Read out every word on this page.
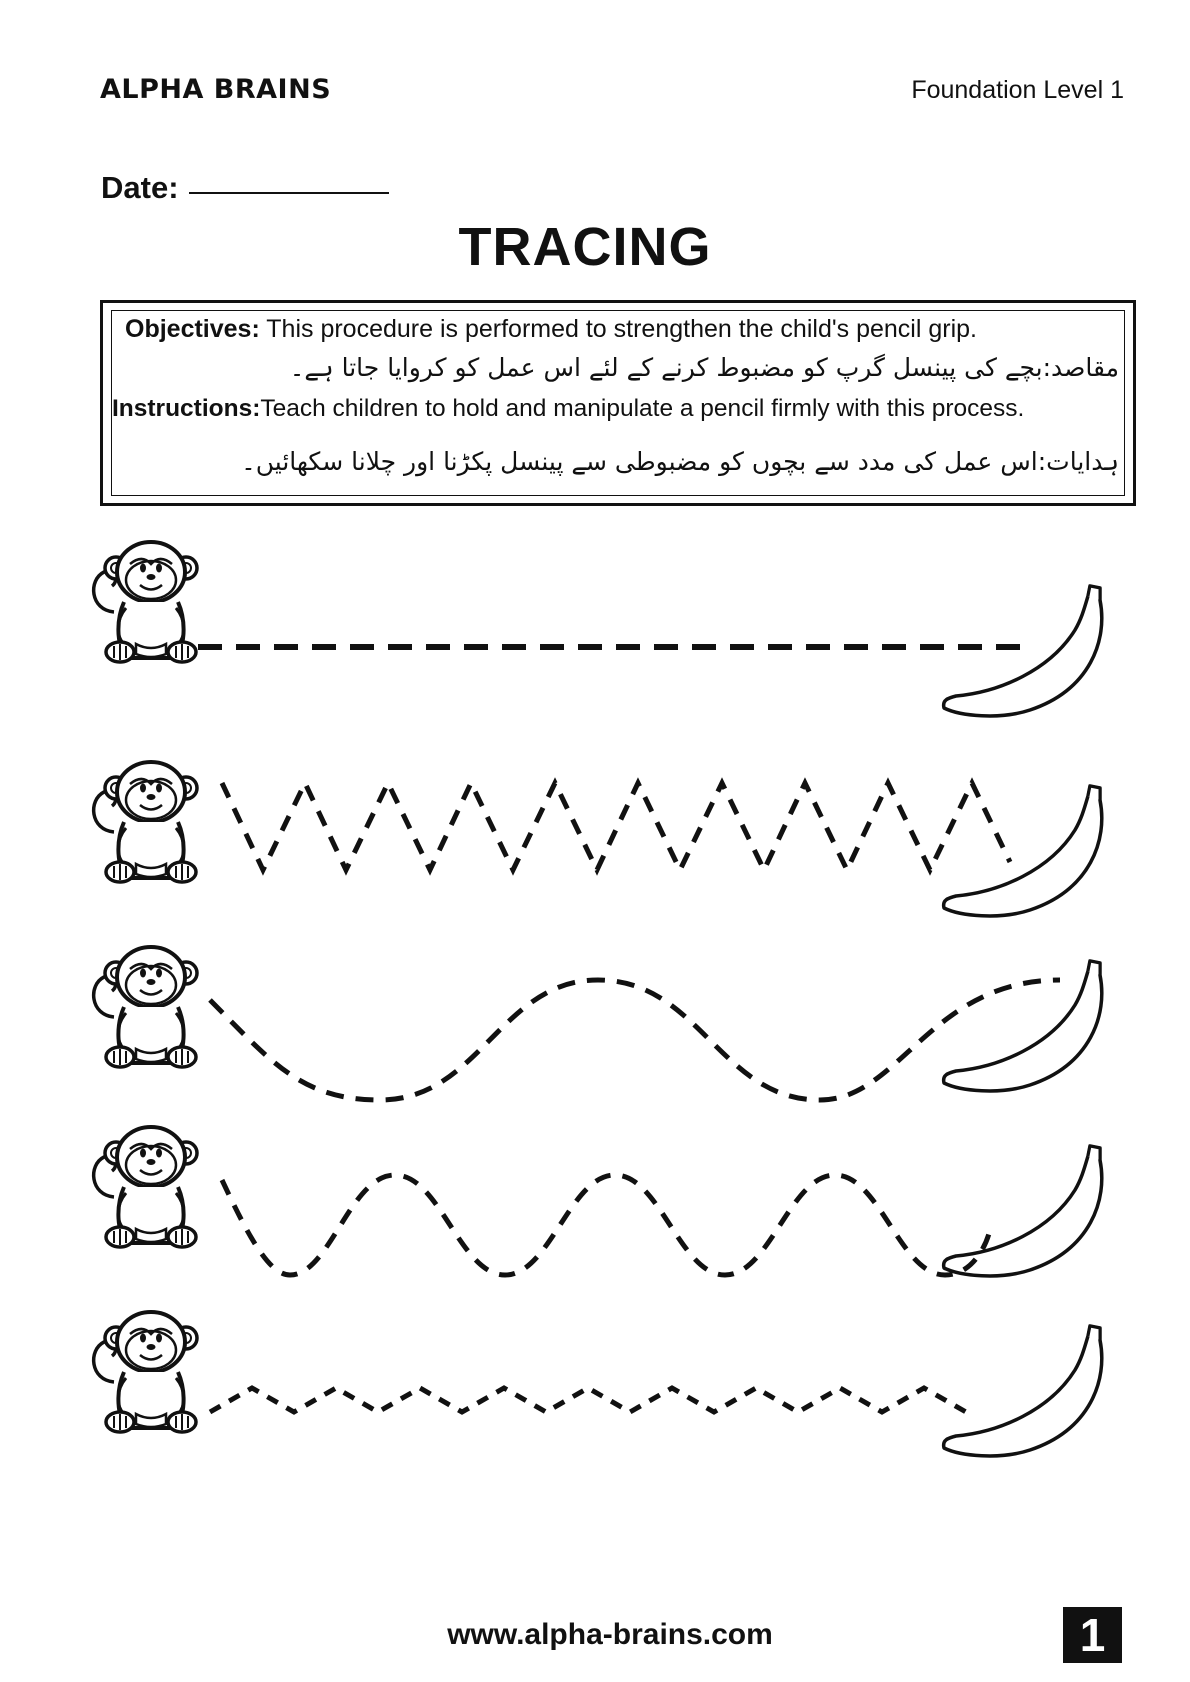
ALPHA BRAINS	Foundation Level 1
Date:
TRACING
Objectives: This procedure is performed to strengthen the child's pencil grip.
مقاصد:بچے کی پینسل گرپ کو مضبوط کرنے کے لئے اس عمل کو کروایا جاتا ہے۔
Instructions:Teach children to hold and manipulate a pencil firmly with this process.
ہدایات:اس عمل کی مدد سے بچوں کو مضبوطی سے پینسل پکڑنا اور چلانا سکھائیں۔
www.alpha-brains.com	1
